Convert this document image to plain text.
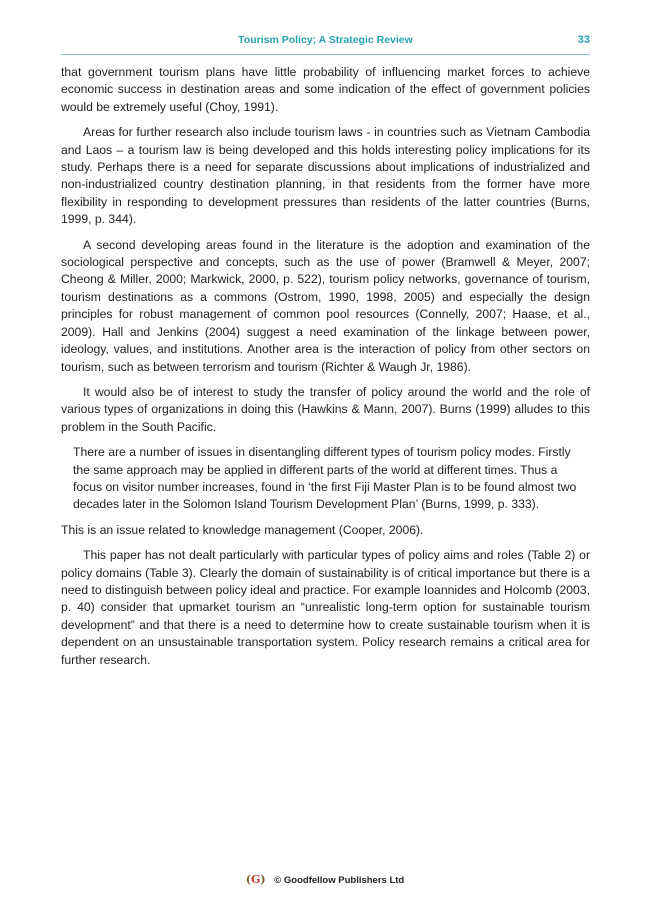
Tourism Policy; A Strategic Review	33

that government tourism plans have little probability of influencing market forces to achieve economic success in destination areas and some indication of the effect of government policies would be extremely useful (Choy, 1991).

Areas for further research also include tourism laws - in countries such as Vietnam Cambodia and Laos – a tourism law is being developed and this holds interesting policy implications for its study. Perhaps there is a need for separate discussions about implications of industrialized and non-industrialized country destination planning, in that residents from the former have more flexibility in responding to development pressures than residents of the latter countries (Burns, 1999, p. 344).

A second developing areas found in the literature is the adoption and examination of the sociological perspective and concepts, such as the use of power (Bramwell & Meyer, 2007; Cheong & Miller, 2000; Markwick, 2000, p. 522), tourism policy networks, governance of tourism, tourism destinations as a commons (Ostrom, 1990, 1998, 2005) and especially the design principles for robust management of common pool resources (Connelly, 2007; Haase, et al., 2009). Hall and Jenkins (2004) suggest a need examination of the linkage between power, ideology, values, and institutions. Another area is the interaction of policy from other sectors on tourism, such as between terrorism and tourism (Richter & Waugh Jr, 1986).

It would also be of interest to study the transfer of policy around the world and the role of various types of organizations in doing this (Hawkins & Mann, 2007). Burns (1999) alludes to this problem in the South Pacific.

There are a number of issues in disentangling different types of tourism policy modes. Firstly the same approach may be applied in different parts of the world at different times. Thus a focus on visitor number increases, found in ‘the first Fiji Master Plan is to be found almost two decades later in the Solomon Island Tourism Development Plan’ (Burns, 1999, p. 333).

This is an issue related to knowledge management (Cooper, 2006).

This paper has not dealt particularly with particular types of policy aims and roles (Table 2) or policy domains (Table 3). Clearly the domain of sustainability is of critical importance but there is a need to distinguish between policy ideal and practice. For example Ioannides and Holcomb (2003, p. 40) consider that upmarket tourism an “unrealistic long-term option for sustainable tourism development” and that there is a need to determine how to create sustainable tourism when it is dependent on an unsustainable transportation system. Policy research remains a critical area for further research.

(G) © Goodfellow Publishers Ltd
